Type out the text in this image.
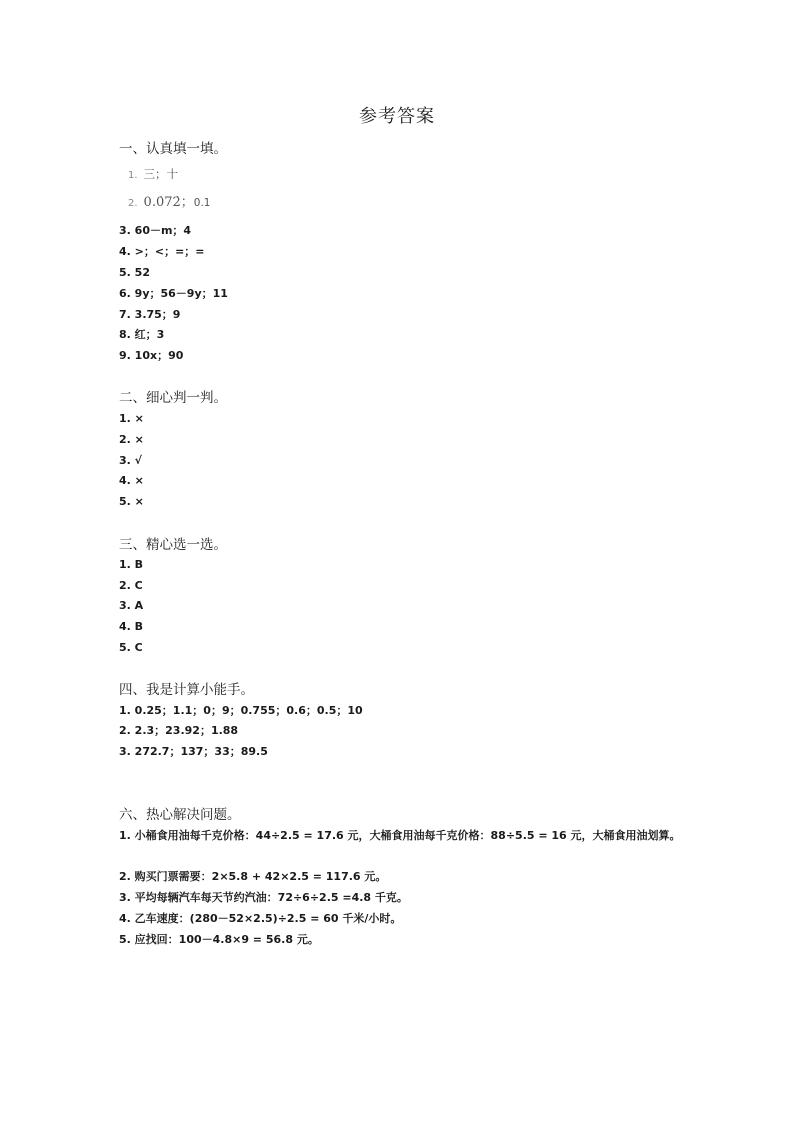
参考答案
一、认真填一填。
1. 三；十
2. 0.0̇72̇；0.1
3. 60－m；4
4. >；<；=；=
5. 52
6. 9y；56－9y；11
7. 3.75；9
8. 红；3
9. 10x；90
二、细心判一判。
1. ×
2. ×
3. √
4. ×
5. ×
三、精心选一选。
1. B
2. C
3. A
4. B
5. C
四、我是计算小能手。
1. 0.25；1.1；0；9；0.755；0.6；0.5；10
2. 2.3；23.92；1.88
3. 272.7；137；33；89.5
六、热心解决问题。
1. 小桶食用油每千克价格：44÷2.5 = 17.6 元，大桶食用油每千克价格：88÷5.5 = 16 元，大桶食用油划算。
2. 购买门票需要：2×5.8 + 42×2.5 = 117.6 元。
3. 平均每辆汽车每天节约汽油：72÷6÷2.5 =4.8 千克。
4. 乙车速度：(280－52×2.5)÷2.5 = 60 千米/小时。
5. 应找回：100－4.8×9 = 56.8 元。
